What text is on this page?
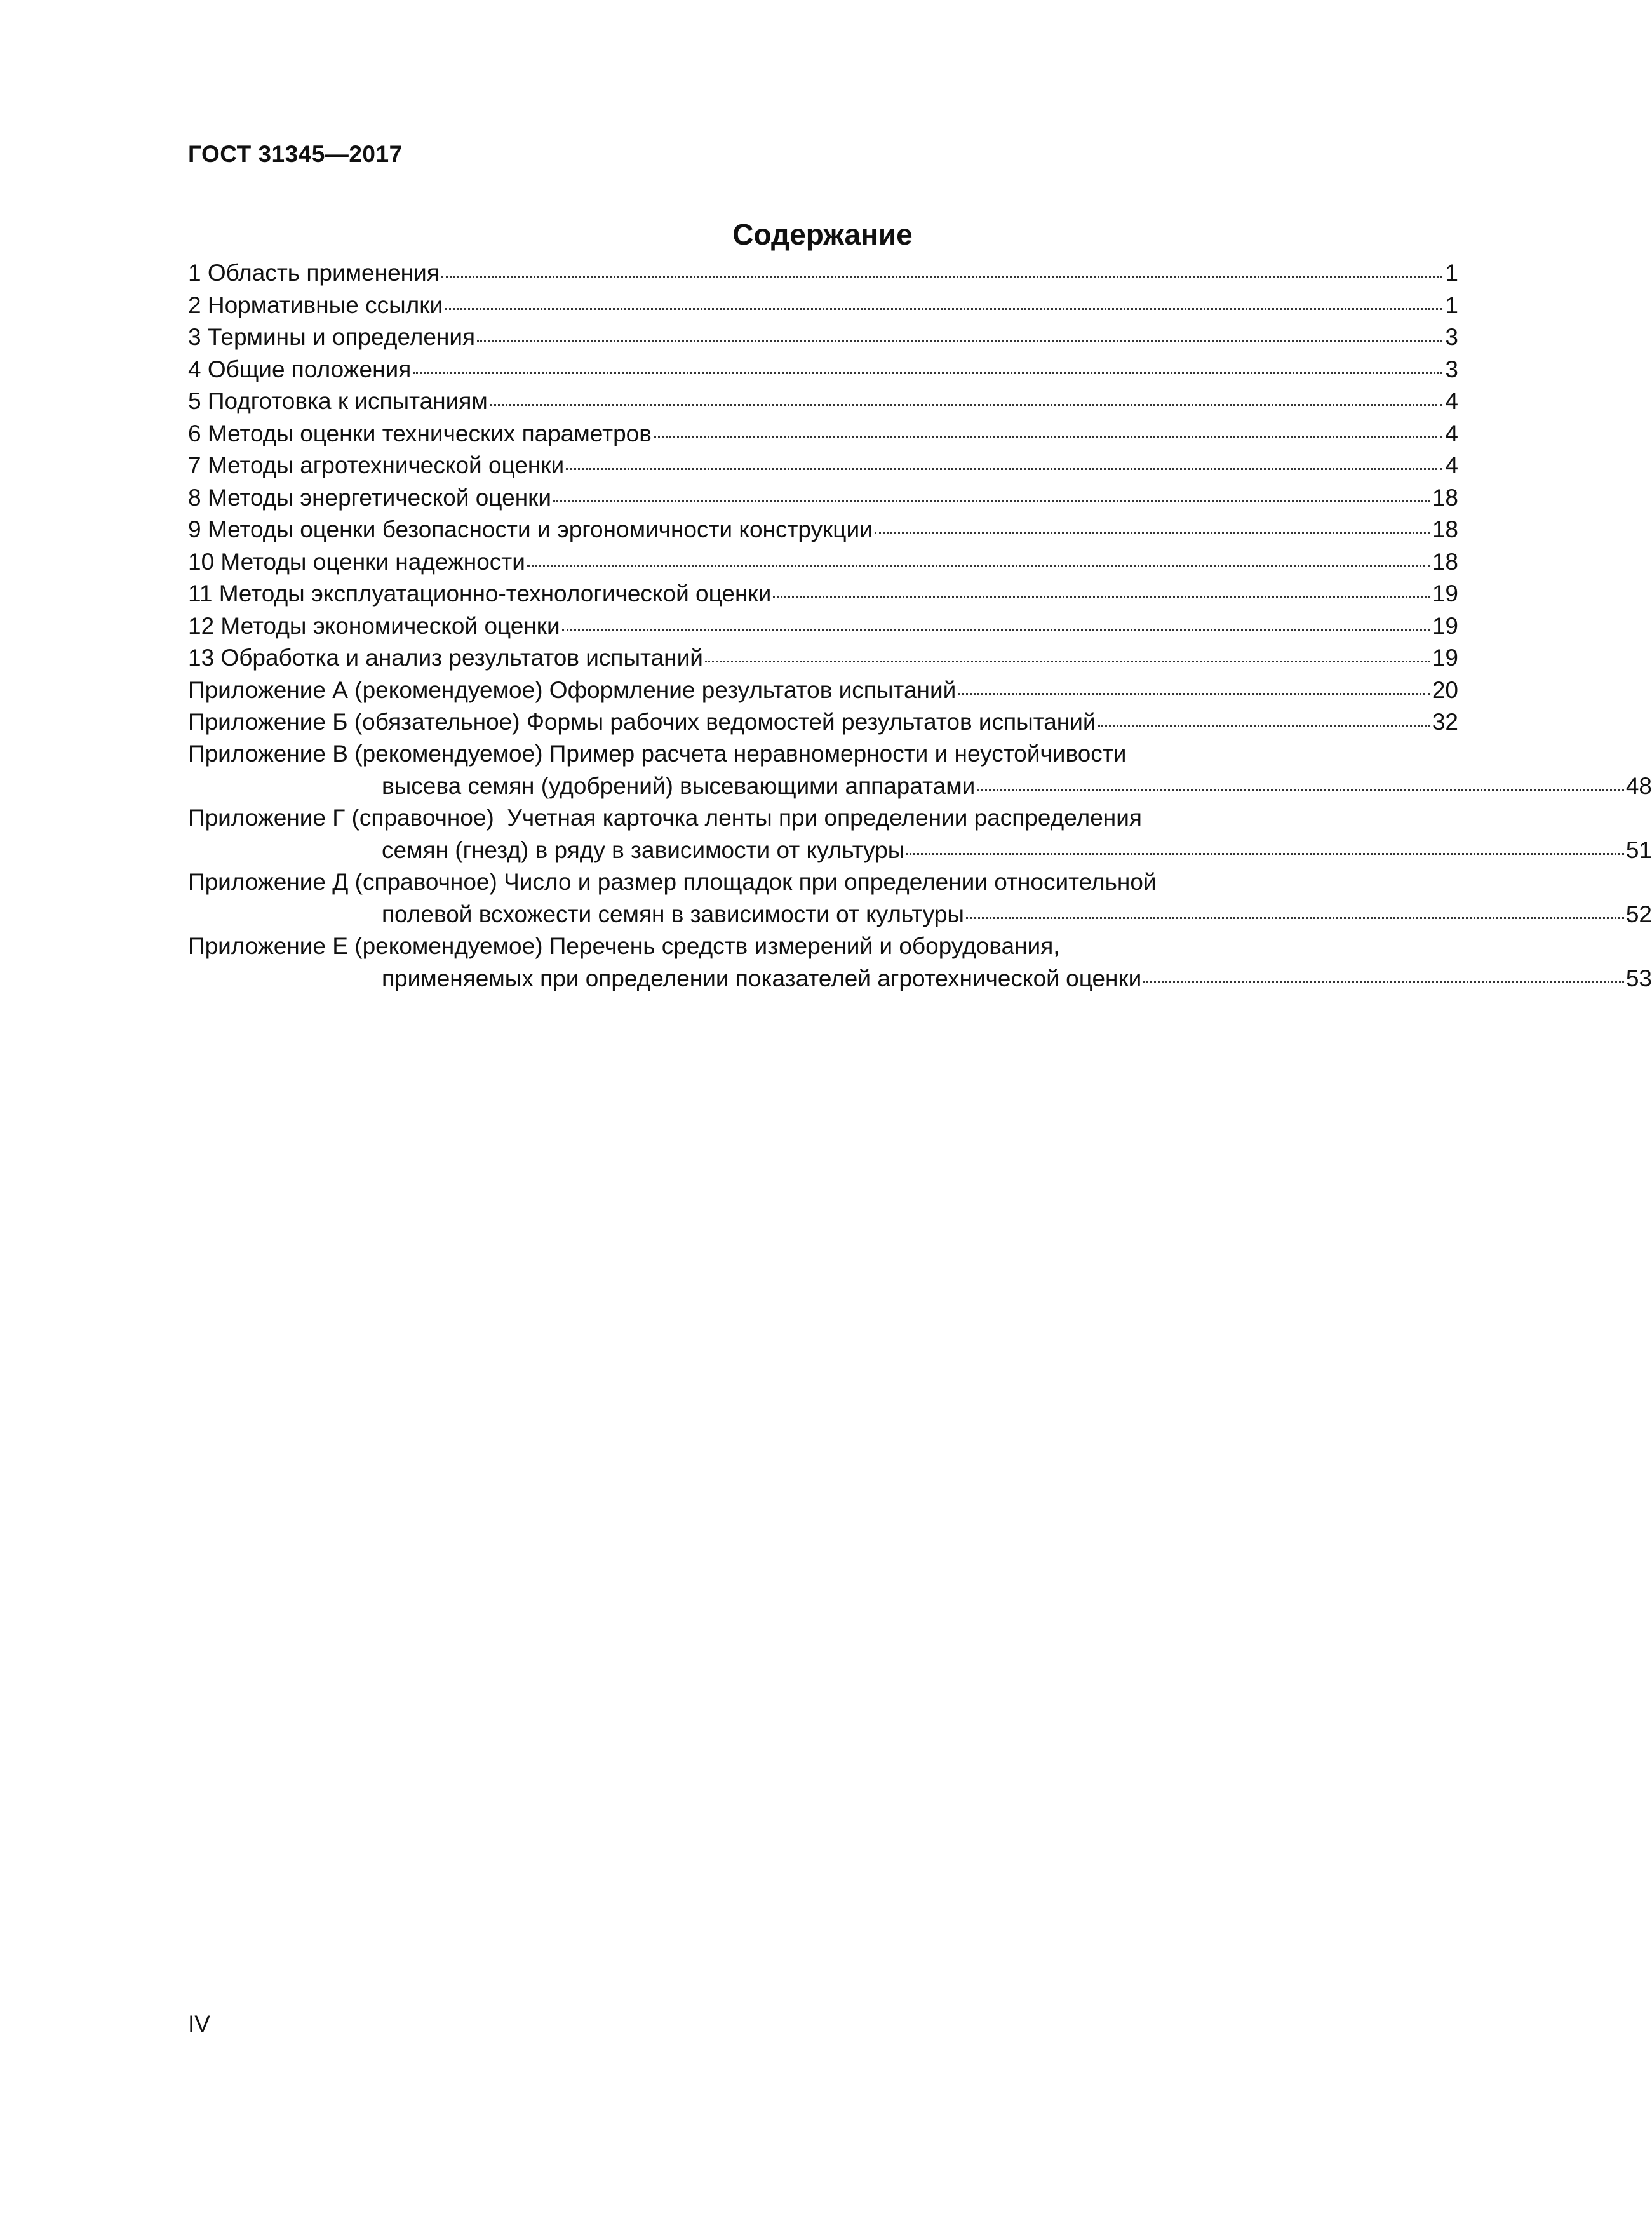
ГОСТ 31345—2017
Содержание
1 Область применения	1
2 Нормативные ссылки	1
3 Термины и определения	3
4 Общие положения	3
5 Подготовка к испытаниям	4
6 Методы оценки технических параметров	4
7 Методы агротехнической оценки	4
8 Методы энергетической оценки	18
9 Методы оценки безопасности и эргономичности конструкции	18
10 Методы оценки надежности	18
11 Методы эксплуатационно-технологической оценки	19
12 Методы экономической оценки	19
13 Обработка и анализ результатов испытаний	19
Приложение А (рекомендуемое) Оформление результатов испытаний	20
Приложение Б (обязательное) Формы рабочих ведомостей результатов испытаний	32
Приложение В (рекомендуемое) Пример расчета неравномерности и неустойчивости
высева семян (удобрений) высевающими аппаратами	48
Приложение Г (справочное)  Учетная карточка ленты при определении распределения
семян (гнезд) в ряду в зависимости от культуры	51
Приложение Д (справочное) Число и размер площадок при определении относительной
полевой всхожести семян в зависимости от культуры	52
Приложение Е (рекомендуемое) Перечень средств измерений и оборудования,
применяемых при определении показателей агротехнической оценки	53
IV
